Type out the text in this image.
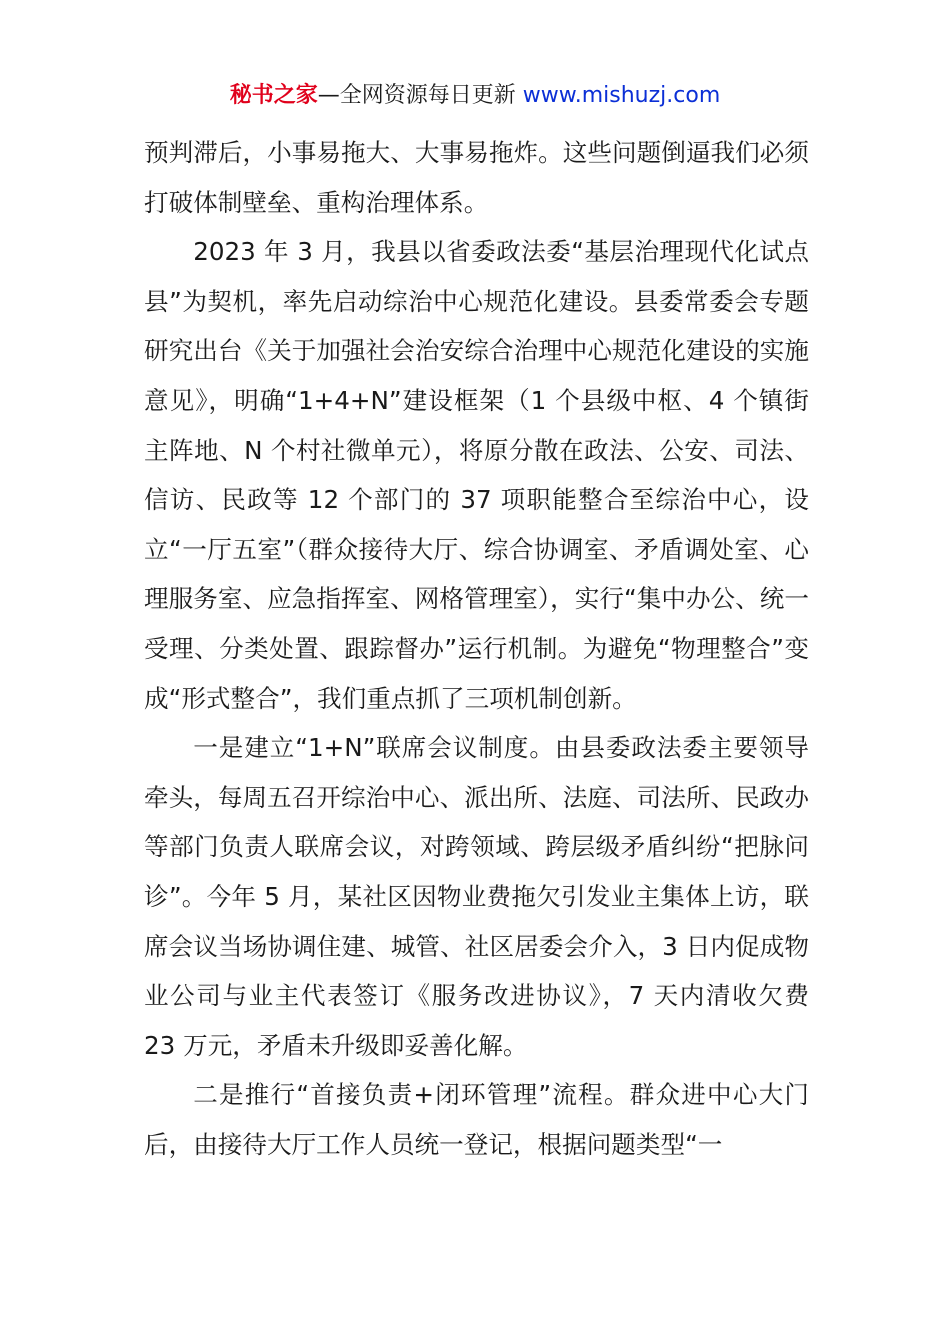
秘书之家—全网资源每日更新 www.mishuzj.com

预判滞后，小事易拖大、大事易拖炸。这些问题倒逼我们必须打破体制壁垒、重构治理体系。

2023 年 3 月，我县以省委政法委“基层治理现代化试点县”为契机，率先启动综治中心规范化建设。县委常委会专题研究出台《关于加强社会治安综合治理中心规范化建设的实施意见》，明确“1+4+N”建设框架（1 个县级中枢、4 个镇街主阵地、N 个村社微单元），将原分散在政法、公安、司法、信访、民政等 12 个部门的 37 项职能整合至综治中心，设立“一厅五室”（群众接待大厅、综合协调室、矛盾调处室、心理服务室、应急指挥室、网格管理室），实行“集中办公、统一受理、分类处置、跟踪督办”运行机制。为避免“物理整合”变成“形式整合”，我们重点抓了三项机制创新。

一是建立“1+N”联席会议制度。由县委政法委主要领导牵头，每周五召开综治中心、派出所、法庭、司法所、民政办等部门负责人联席会议，对跨领域、跨层级矛盾纠纷“把脉问诊”。今年 5 月，某社区因物业费拖欠引发业主集体上访，联席会议当场协调住建、城管、社区居委会介入，3 日内促成物业公司与业主代表签订《服务改进协议》，7 天内清收欠费 23 万元，矛盾未升级即妥善化解。

二是推行“首接负责+闭环管理”流程。群众进中心大门后，由接待大厅工作人员统一登记，根据问题类型“一
